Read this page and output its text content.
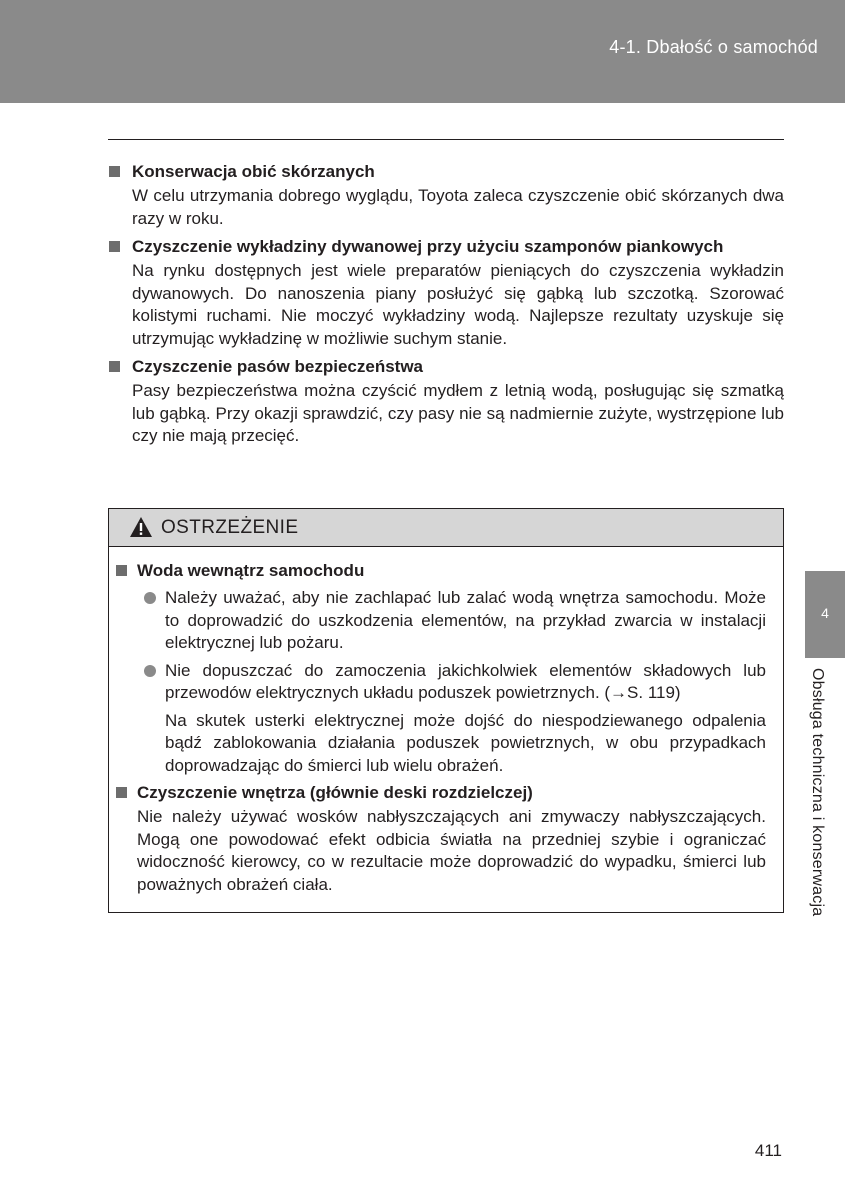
4-1. Dbałość o samochód
Konserwacja obić skórzanych
W celu utrzymania dobrego wyglądu, Toyota zaleca czyszczenie obić skórzanych dwa razy w roku.
Czyszczenie wykładziny dywanowej przy użyciu szamponów piankowych
Na rynku dostępnych jest wiele preparatów pieniących do czyszczenia wykładzin dywanowych. Do nanoszenia piany posłużyć się gąbką lub szczotką. Szorować kolistymi ruchami. Nie moczyć wykładziny wodą. Najlepsze rezultaty uzyskuje się utrzymując wykładzinę w możliwie suchym stanie.
Czyszczenie pasów bezpieczeństwa
Pasy bezpieczeństwa można czyścić mydłem z letnią wodą, posługując się szmatką lub gąbką. Przy okazji sprawdzić, czy pasy nie są nadmiernie zużyte, wystrzępione lub czy nie mają przecięć.
OSTRZEŻENIE
Woda wewnątrz samochodu
Należy uważać, aby nie zachlapać lub zalać wodą wnętrza samochodu. Może to doprowadzić do uszkodzenia elementów, na przykład zwarcia w instalacji elektrycznej lub pożaru.
Nie dopuszczać do zamoczenia jakichkolwiek elementów składowych lub przewodów elektrycznych układu poduszek powietrznych. (→S. 119)
Na skutek usterki elektrycznej może dojść do niespodziewanego odpalenia bądź zablokowania działania poduszek powietrznych, w obu przypadkach doprowadzając do śmierci lub wielu obrażeń.
Czyszczenie wnętrza (głównie deski rozdzielczej)
Nie należy używać wosków nabłyszczających ani zmywaczy nabłyszczających. Mogą one powodować efekt odbicia światła na przedniej szybie i ograniczać widoczność kierowcy, co w rezultacie może doprowadzić do wypadku, śmierci lub poważnych obrażeń ciała.
4
Obsługa techniczna i konserwacja
411
